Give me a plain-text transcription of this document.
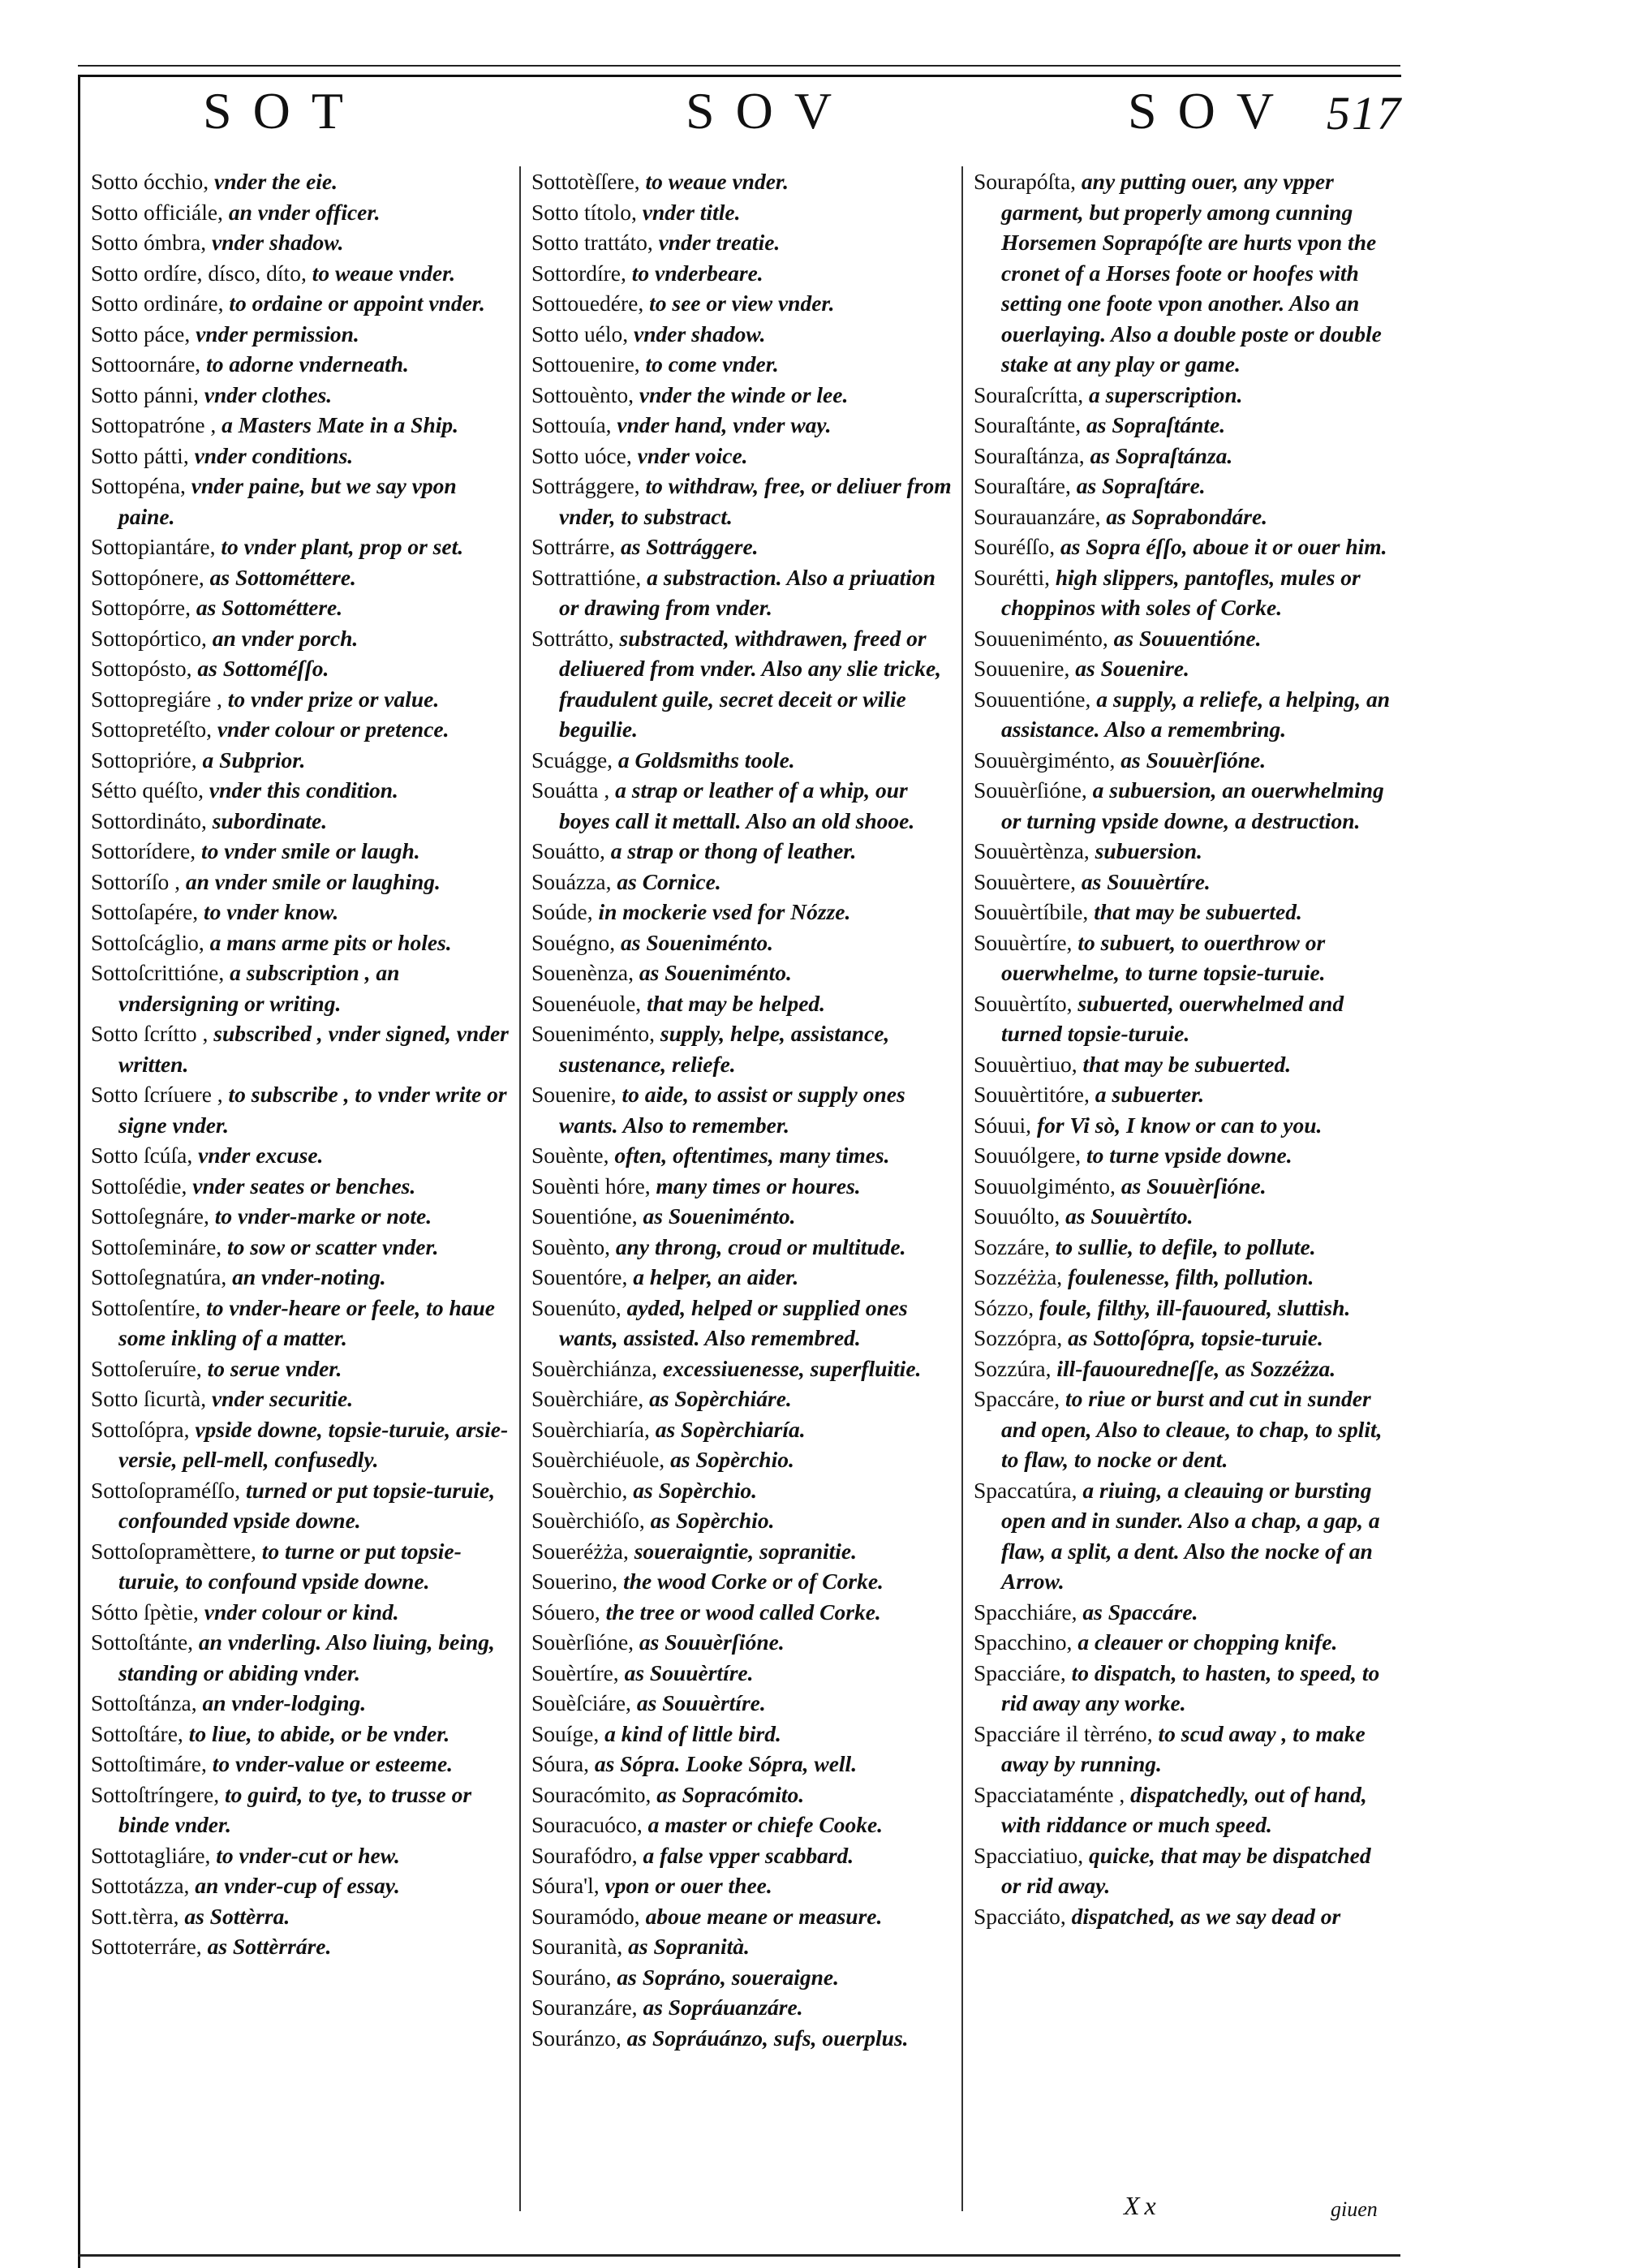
SOT	SOV	SOV 517

Sotto ócchio, vnder the eie.

Sotto officiále, an vnder officer.

Sotto ómbra, vnder shadow.

Sotto ordíre, dísco, díto, to weaue vnder.

Sotto ordináre, to ordaine or appoint vnder.

Sotto páce, vnder permission.

Sottoornáre, to adorne vnderneath.

Sotto pánni, vnder clothes.

Sottopatróne , a Masters Mate in a Ship.

Sotto pátti, vnder conditions.

Sottopéna, vnder paine, but we say vpon paine.

Sottopiantáre, to vnder plant, prop or set.

Sottopónere, as Sottométtere.

Sottopórre, as Sottométtere.

Sottopórtico, an vnder porch.

Sottopósto, as Sottoméſſo.

Sottopregiáre , to vnder prize or value.

Sottopretéſto, vnder colour or pretence.

Sottopriόre, a Subprior.

Sétto quéſto, vnder this condition.

Sottordináto, subordinate.

Sottorídere, to vnder smile or laugh.

Sottoríſo , an vnder smile or laughing.

Sottoſapére, to vnder know.

Sottoſcáglio, a mans arme pits or holes.

Sottoſcrittióne, a subscription , an vndersigning or writing.

Sotto ſcrítto , subscribed , vnder signed, vnder written.

Sotto ſcríuere , to subscribe , to vnder write or signe vnder.

Sotto ſcúſa, vnder excuse.

Sottoſédie, vnder seates or benches.

Sottoſegnáre, to vnder-marke or note.

Sottoſemináre, to sow or scatter vnder.

Sottoſegnatúra, an vnder-noting.

Sottoſentíre, to vnder-heare or feele, to haue some inkling of a matter.

Sottoſeruíre, to serue vnder.

Sotto ſicurtà, vnder securitie.

Sottoſópra, vpside downe, topsie-turuie, arsie-versie, pell-mell, confusedly.

Sottoſopraméſſo, turned or put topsie-turuie, confounded vpside downe.

Sottoſopramèttere, to turne or put topsie-turuie, to confound vpside downe.

Sótto ſpètie, vnder colour or kind.

Sottoſtánte, an vnderling. Also liuing, being, standing or abiding vnder.

Sottoſtánza, an vnder-lodging.

Sottoſtáre, to liue, to abide, or be vnder.

Sottoſtimáre, to vnder-value or esteeme.

Sottoſtríngere, to guird, to tye, to trusse or binde vnder.

Sottotagliáre, to vnder-cut or hew.

Sottotázza, an vnder-cup of essay.

Sott.tèrra, as Sottèrra.

Sottoterráre, as Sottèrráre.

Sottotèſſere, to weaue vnder.

Sotto títolo, vnder title.

Sotto trattáto, vnder treatie.

Sottordíre, to vnderbeare.

Sottouedére, to see or view vnder.

Sotto uélo, vnder shadow.

Sottouenire, to come vnder.

Sottouènto, vnder the winde or lee.

Sottouía, vnder hand, vnder way.

Sotto uóce, vnder voice.

Sottrággere, to withdraw, free, or deliuer from vnder, to substract.

Sottrárre, as Sottrággere.

Sottrattióne, a substraction. Also a priuation or drawing from vnder.

Sottrátto, substracted, withdrawen, freed or deliuered from vnder. Also any slie tricke, fraudulent guile, secret deceit or wilie beguilie.

Scuágge, a Goldsmiths toole.

Souátta , a strap or leather of a whip, our boyes call it mettall. Also an old shooe.

Souátto, a strap or thong of leather.

Souázza, as Cornice.

Soúde, in mockerie vsed for Nózze.

Souégno, as Soueniménto.

Souenènza, as Soueniménto.

Souenéuole, that may be helped.

Soueniménto, supply, helpe, assistance, sustenance, reliefe.

Souenire, to aide, to assist or supply ones wants. Also to remember.

Souènte, often, oftentimes, many times.

Souènti hóre, many times or houres.

Souentióne, as Soueniménto.

Souènto, any throng, croud or multitude.

Souentóre, a helper, an aider.

Souenúto, ayded, helped or supplied ones wants, assisted. Also remembred.

Souèrchiánza, excessiuenesse, superfluitie.

Souèrchiáre, as Sopèrchiáre.

Souèrchiaría, as Sopèrchiaría.

Souèrchiéuole, as Sopèrchio.

Souèrchio, as Sopèrchio.

Souèrchióſo, as Sopèrchio.

Soueréżża, soueraigntie, sopranitie.

Souerino, the wood Corke or of Corke.

Sóuero, the tree or wood called Corke.

Souèrſióne, as Souuèrſióne.

Souèrtíre, as Souuèrtíre.

Souèſciáre, as Souuèrtíre.

Souíge, a kind of little bird.

Sóura, as Sópra. Looke Sópra, well.

Souracómito, as Sopracómito.

Souracuóco, a master or chiefe Cooke.

Sourafódro, a false vpper scabbard.

Sóura'l, vpon or ouer thee.

Souramódo, aboue meane or measure.

Souranità, as Sopranità.

Souráno, as Sopráno, soueraigne.

Souranzáre, as Sopráuanzáre.

Souránzo, as Sopráuánzo, sufs, ouerplus.

Sourapóſta, any putting ouer, any vpper garment, but properly among cunning Horsemen Soprapóſte are hurts vpon the cronet of a Horses foote or hoofes with setting one foote vpon another. Also an ouerlaying. Also a double poste or double stake at any play or game.

Souraſcrítta, a superscription.

Souraſtánte, as Sopraſtánte.

Souraſtánza, as Sopraſtánza.

Souraſtáre, as Sopraſtáre.

Sourauanzáre, as Soprabondáre.

Souréſſo, as Sopra éſſo, aboue it or ouer him.

Sourétti, high slippers, pantofles, mules or choppinos with soles of Corke.

Souueniménto, as Souuentióne.

Souuenire, as Souenire.

Souuentióne, a supply, a reliefe, a helping, an assistance. Also a remembring.

Souuèrgiménto, as Souuèrſióne.

Souuèrſióne, a subuersion, an ouerwhelming or turning vpside downe, a destruction.

Souuèrtènza, subuersion.

Souuèrtere, as Souuèrtíre.

Souuèrtíbile, that may be subuerted.

Souuèrtíre, to subuert, to ouerthrow or ouerwhelme, to turne topsie-turuie.

Souuèrtíto, subuerted, ouerwhelmed and turned topsie-turuie.

Souuèrtiuo, that may be subuerted.

Souuèrtitóre, a subuerter.

Sóuui, for Vi sò, I know or can to you.

Souuólgere, to turne vpside downe.

Souuolgiménto, as Souuèrſióne.

Souuólto, as Souuèrtíto.

Sozzáre, to sullie, to defile, to pollute.

Sozzéżża, foulenesse, filth, pollution.

Sózzo, foule, filthy, ill-fauoured, sluttish.

Sozzópra, as Sottoſópra, topsie-turuie.

Sozzúra, ill-fauouredneſſe, as Sozzéżza.

Spaccáre, to riue or burst and cut in sunder and open, Also to cleaue, to chap, to split, to flaw, to nocke or dent.

Spaccatúra, a riuing, a cleauing or bursting open and in sunder. Also a chap, a gap, a flaw, a split, a dent. Also the nocke of an Arrow.

Spacchiáre, as Spaccáre.

Spacchino, a cleauer or chopping knife.

Spacciáre, to dispatch, to hasten, to speed, to rid away any worke.

Spacciáre il tèrréno, to scud away , to make away by running.

Spacciataménte , dispatchedly, out of hand, with riddance or much speed.

Spacciatiuo, quicke, that may be dispatched or rid away.

Spacciáto, dispatched, as we say dead or

Xx	giuen
